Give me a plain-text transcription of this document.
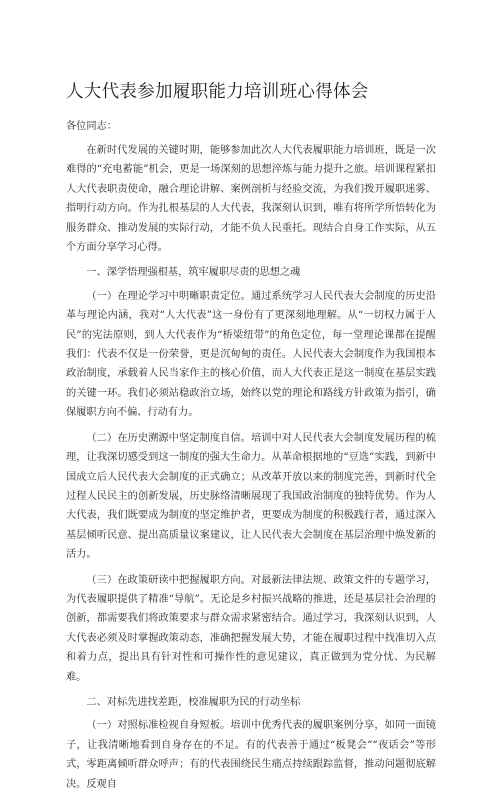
人大代表参加履职能力培训班心得体会
各位同志：

在新时代发展的关键时期，能够参加此次人大代表履职能力培训班，既是一次难得的“充电蓄能”机会，更是一场深刻的思想淬炼与能力提升之旅。培训课程紧扣人大代表职责使命，融合理论讲解、案例剖析与经验交流，为我们拨开履职迷雾、指明行动方向。作为扎根基层的人大代表，我深刻认识到，唯有将所学所悟转化为服务群众、推动发展的实际行动，才能不负人民重托。现结合自身工作实际，从五个方面分享学习心得。

一、深学悟理强根基，筑牢履职尽责的思想之魂

（一）在理论学习中明晰职责定位。通过系统学习人民代表大会制度的历史沿革与理论内涵，我对“人大代表”这一身份有了更深刻地理解。从“一切权力属于人民”的宪法原则，到人大代表作为“桥梁纽带”的角色定位，每一堂理论课都在提醒我们：代表不仅是一份荣誉，更是沉甸甸的责任。人民代表大会制度作为我国根本政治制度，承载着人民当家作主的核心价值，而人大代表正是这一制度在基层实践的关键一环。我们必须站稳政治立场，始终以党的理论和路线方针政策为指引，确保履职方向不偏、行动有力。

（二）在历史溯源中坚定制度自信。培训中对人民代表大会制度发展历程的梳理，让我深切感受到这一制度的强大生命力。从革命根据地的“豆选”实践，到新中国成立后人民代表大会制度的正式确立；从改革开放以来的制度完善，到新时代全过程人民民主的创新发展，历史脉络清晰展现了我国政治制度的独特优势。作为人大代表，我们既要成为制度的坚定维护者，更要成为制度的积极践行者，通过深入基层倾听民意、提出高质量议案建议，让人民代表大会制度在基层治理中焕发新的活力。

（三）在政策研读中把握履职方向。对最新法律法规、政策文件的专题学习，为代表履职提供了精准“导航”。无论是乡村振兴战略的推进，还是基层社会治理的创新，都需要我们将政策要求与群众需求紧密结合。通过学习，我深刻认识到，人大代表必须及时掌握政策动态，准确把握发展大势，才能在履职过程中找准切入点和着力点，提出具有针对性和可操作性的意见建议，真正做到为党分忧、为民解难。

二、对标先进找差距，校准履职为民的行动坐标

（一）对照标准检视自身短板。培训中优秀代表的履职案例分享，如同一面镜子，让我清晰地看到自身存在的不足。有的代表善于通过“板凳会”“夜话会”等形式，零距离倾听群众呼声；有的代表围绕民生痛点持续跟踪监督，推动问题彻底解决。反观自
